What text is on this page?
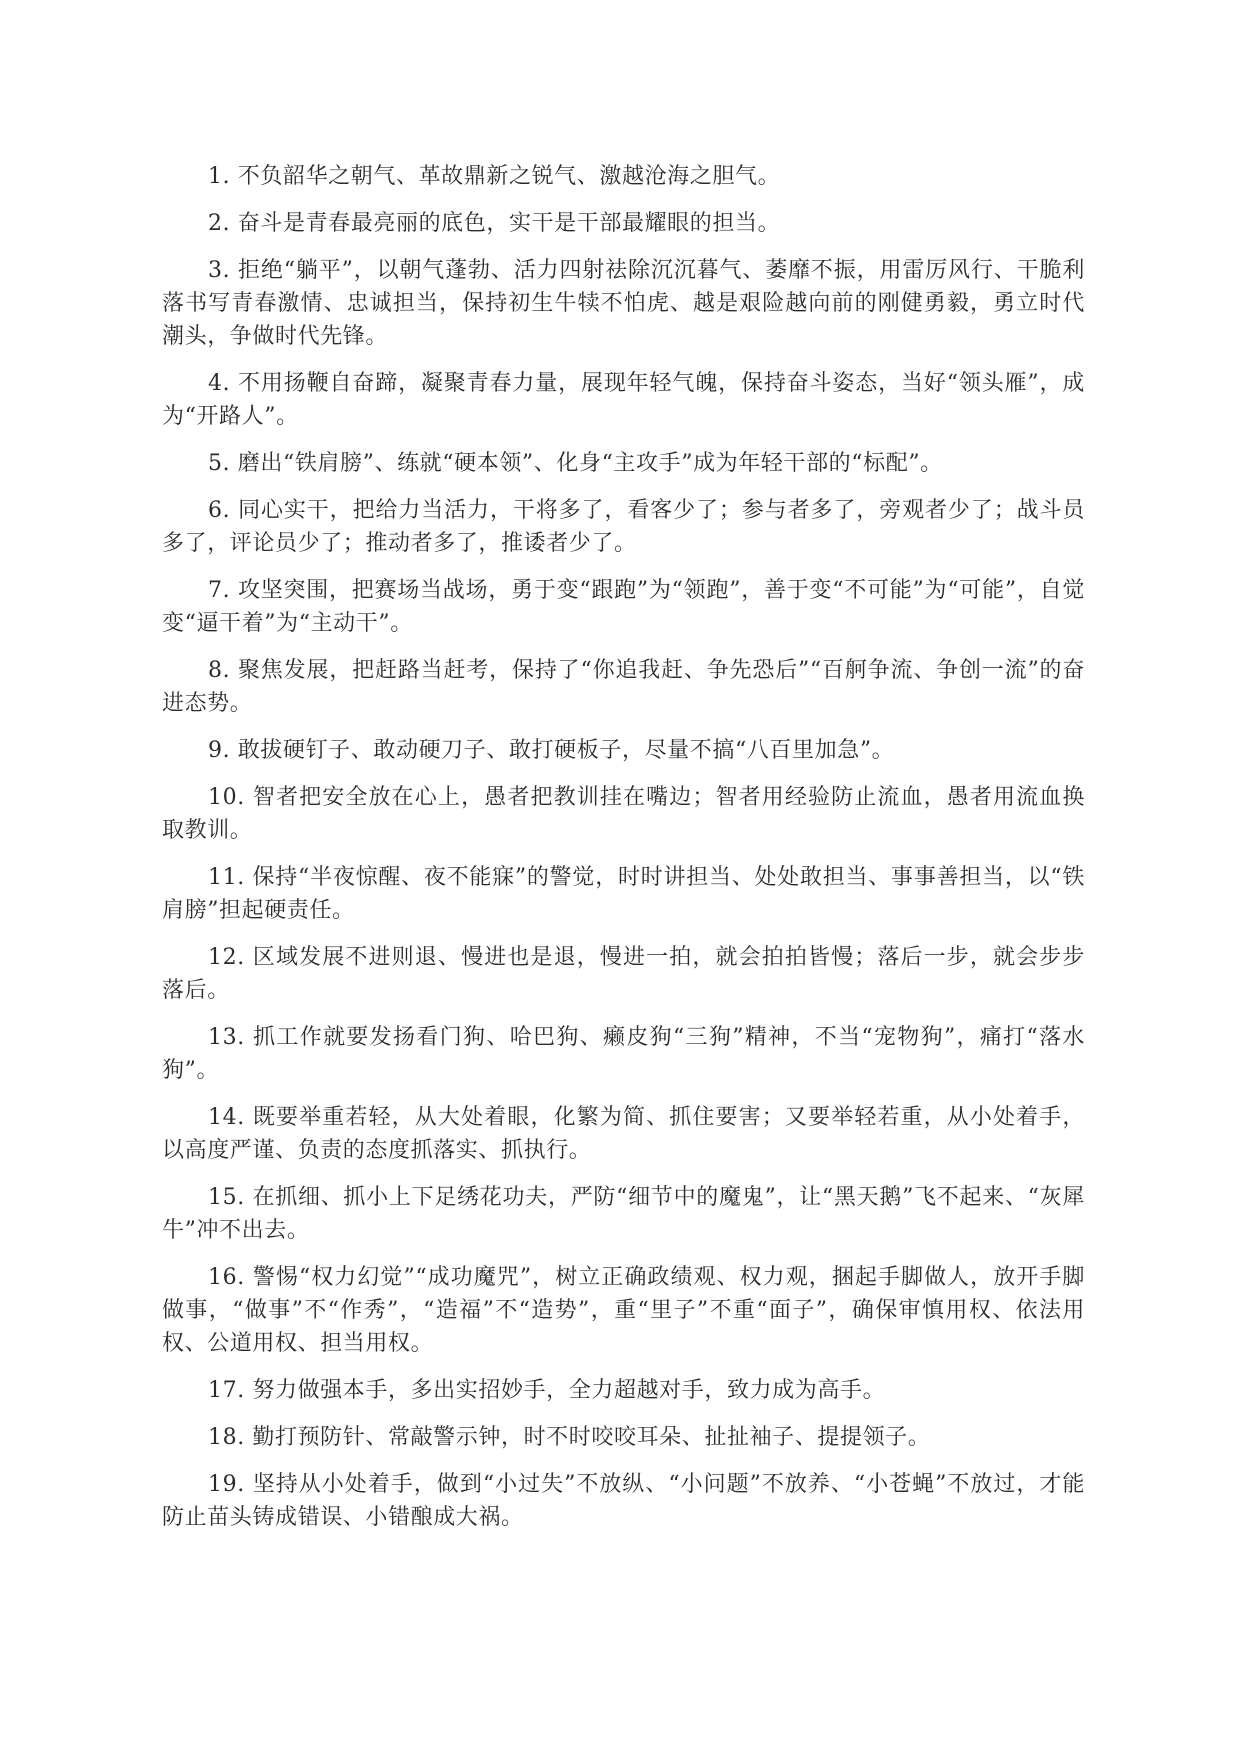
1. 不负韶华之朝气、革故鼎新之锐气、激越沧海之胆气。

2. 奋斗是青春最亮丽的底色，实干是干部最耀眼的担当。

3. 拒绝“躺平”，以朝气蓬勃、活力四射祛除沉沉暮气、萎靡不振，用雷厉风行、干脆利落书写青春激情、忠诚担当，保持初生牛犊不怕虎、越是艰险越向前的刚健勇毅，勇立时代潮头，争做时代先锋。

4. 不用扬鞭自奋蹄，凝聚青春力量，展现年轻气魄，保持奋斗姿态，当好“领头雁”，成为“开路人”。

5. 磨出“铁肩膀”、练就“硬本领”、化身“主攻手”成为年轻干部的“标配”。

6. 同心实干，把给力当活力，干将多了，看客少了；参与者多了，旁观者少了；战斗员多了，评论员少了；推动者多了，推诿者少了。

7. 攻坚突围，把赛场当战场，勇于变“跟跑”为“领跑”，善于变“不可能”为“可能”，自觉变“逼干着”为“主动干”。

8. 聚焦发展，把赶路当赶考，保持了“你追我赶、争先恐后”“百舸争流、争创一流”的奋进态势。

9. 敢拔硬钉子、敢动硬刀子、敢打硬板子，尽量不搞“八百里加急”。

10. 智者把安全放在心上，愚者把教训挂在嘴边；智者用经验防止流血，愚者用流血换取教训。

11. 保持“半夜惊醒、夜不能寐”的警觉，时时讲担当、处处敢担当、事事善担当，以“铁肩膀”担起硬责任。

12. 区域发展不进则退、慢进也是退，慢进一拍，就会拍拍皆慢；落后一步，就会步步落后。

13. 抓工作就要发扬看门狗、哈巴狗、癞皮狗“三狗”精神，不当“宠物狗”，痛打“落水狗”。

14. 既要举重若轻，从大处着眼，化繁为简、抓住要害；又要举轻若重，从小处着手，以高度严谨、负责的态度抓落实、抓执行。

15. 在抓细、抓小上下足绣花功夫，严防“细节中的魔鬼”，让“黑天鹅”飞不起来、“灰犀牛”冲不出去。

16. 警惕“权力幻觉”“成功魔咒”，树立正确政绩观、权力观，捆起手脚做人，放开手脚做事，“做事”不“作秀”，“造福”不“造势”，重“里子”不重“面子”，确保审慎用权、依法用权、公道用权、担当用权。

17. 努力做强本手，多出实招妙手，全力超越对手，致力成为高手。

18. 勤打预防针、常敲警示钟，时不时咬咬耳朵、扯扯袖子、提提领子。

19. 坚持从小处着手，做到“小过失”不放纵、“小问题”不放养、“小苍蝇”不放过，才能防止苗头铸成错误、小错酿成大祸。
